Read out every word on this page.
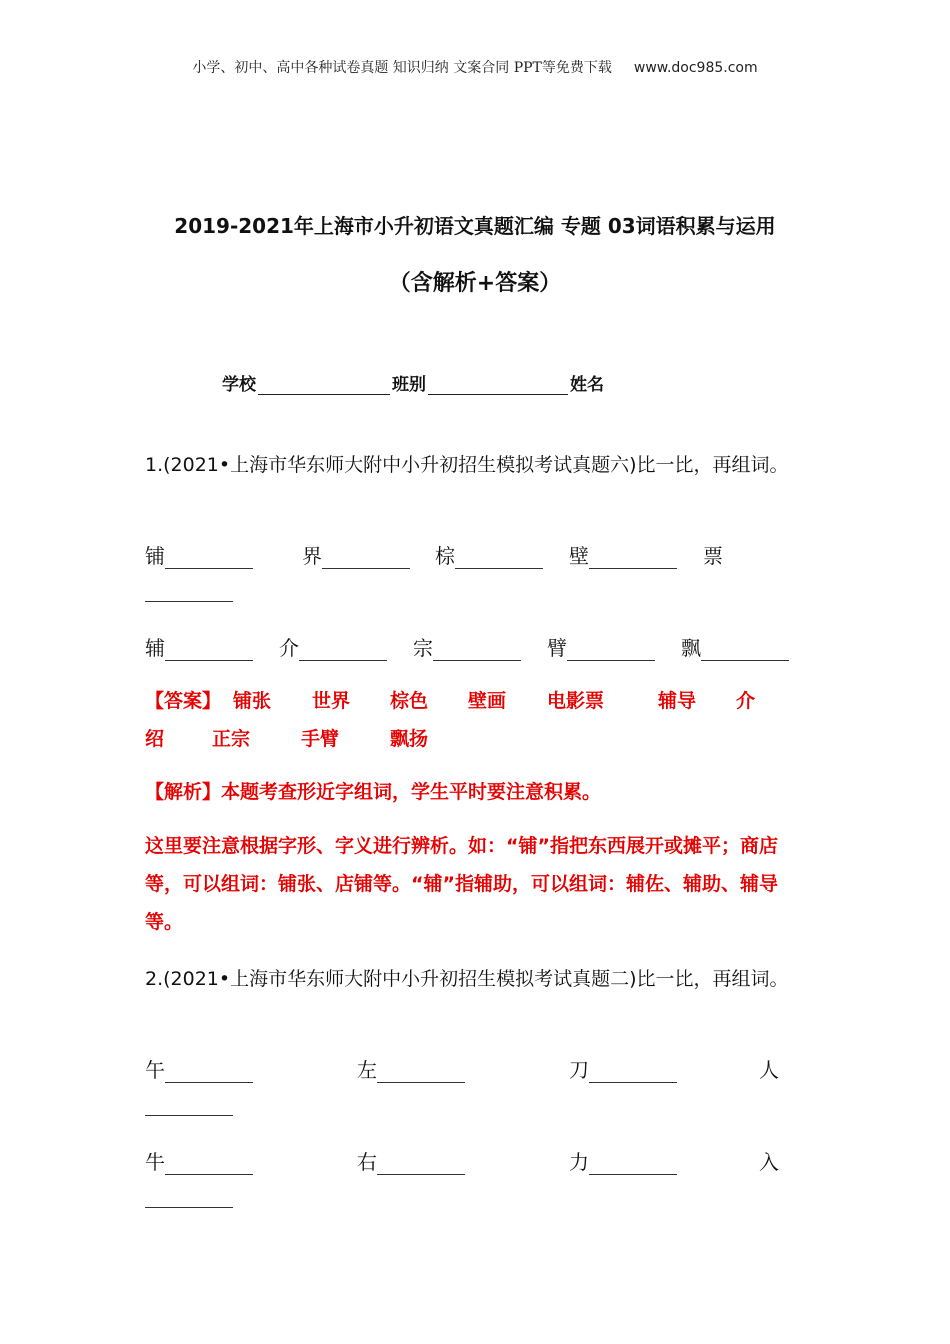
小学、初中、高中各种试卷真题 知识归纳 文案合同 PPT等免费下载 www.doc985.com
2019-2021年上海市小升初语文真题汇编 专题 03词语积累与运用
（含解析+答案）
学校	班别	姓名
1.(2021•上海市华东师大附中小升初招生模拟考试真题六)比一比，再组词。
铺	界	棕	壁	票
辅	介	宗	臂	飘
【答案】 铺张 世界 棕色 壁画 电影票	辅导 介
绍	正宗	手臂	飘扬
【解析】本题考查形近字组词，学生平时要注意积累。
这里要注意根据字形、字义进行辨析。如：“铺”指把东西展开或摊平；商店等，可以组词：铺张、店铺等。“辅”指辅助，可以组词：辅佐、辅助、辅导等。
2.(2021•上海市华东师大附中小升初招生模拟考试真题二)比一比，再组词。
午	左	刀	人
牛	右	力	入
